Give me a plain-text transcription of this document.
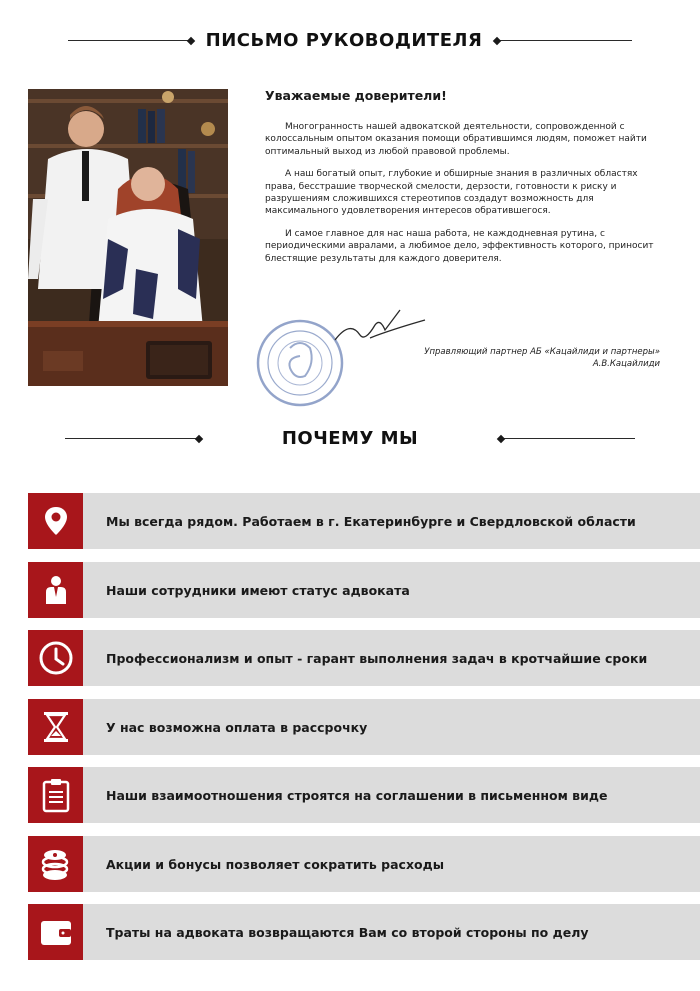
ПИСЬМО РУКОВОДИТЕЛЯ

Уважаемые доверители!

Многогранность нашей адвокатской деятельности, сопровожденной с колоссальным опытом оказания помощи обратившимся людям, поможет найти оптимальный выход из любой правовой проблемы.

А наш богатый опыт, глубокие и обширные знания в различных областях права, бесстрашие творческой смелости, дерзости, готовности к риску и разрушениям сложившихся стереотипов создадут возможность для максимального удовлетворения интересов обратившегося.

И самое главное для нас наша работа, не каждодневная рутина, с периодическими авралами, а любимое дело, эффективность которого, приносит блестящие результаты для каждого доверителя.

Управляющий партнер АБ «Кацайлиди и партнеры»
А.В.Кацайлиди
ПОЧЕМУ МЫ
Мы всегда рядом. Работаем в г. Екатеринбурге и Свердловской области
Наши сотрудники имеют статус адвоката
Профессионализм и опыт - гарант выполнения задач в кротчайшие сроки
У нас возможна оплата в рассрочку
Наши взаимоотношения строятся на соглашении в письменном виде
Акции и бонусы позволяет сократить расходы
Траты на адвоката возвращаются Вам со второй стороны по делу
